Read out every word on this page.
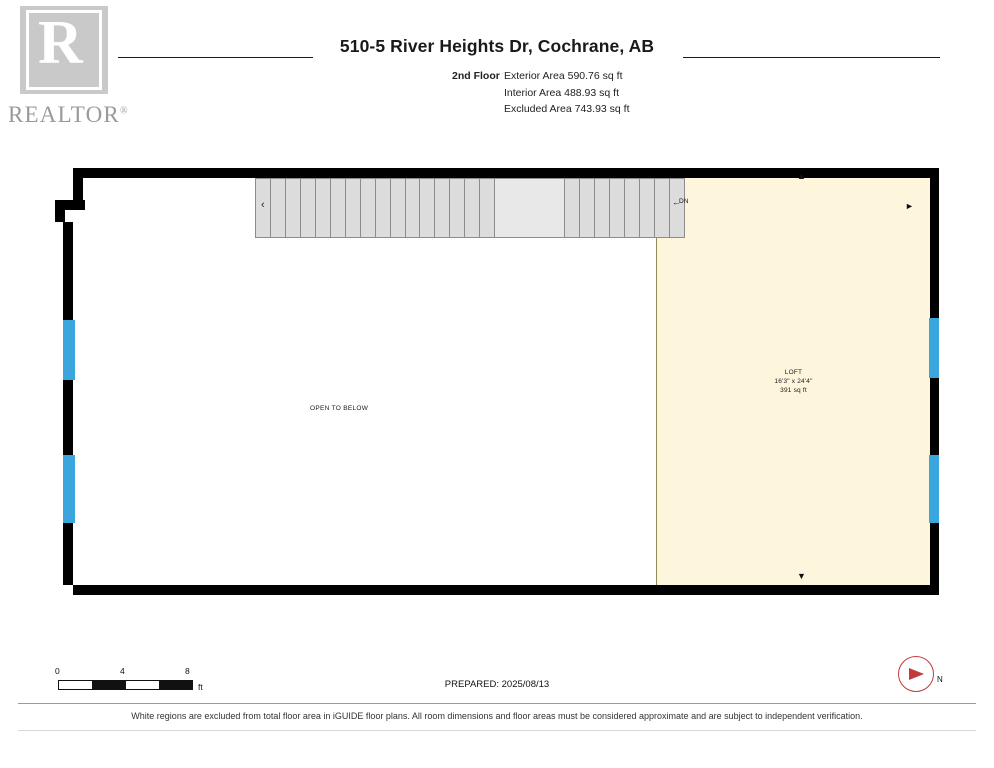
R
REALTOR®
510-5 River Heights Dr, Cochrane, AB
2nd Floor Exterior Area 590.76 sq ft
Interior Area 488.93 sq ft
Excluded Area 743.93 sq ft
LOFT
16'3" x 24'4"
391 sq ft
‹	←
DN
OPEN TO BELOW
▲
▼
►
0	4	8
ft	PREPARED: 2025/08/13	N
White regions are excluded from total floor area in iGUIDE floor plans. All room dimensions and floor areas must be considered approximate and are subject to independent verification.
